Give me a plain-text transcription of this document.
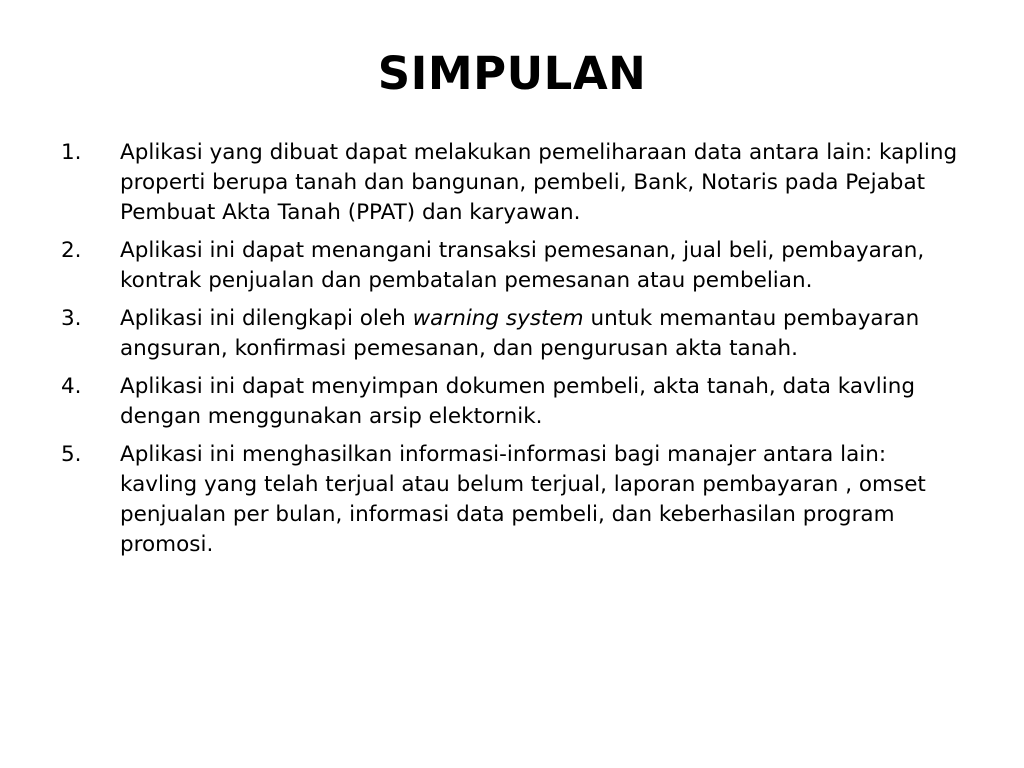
SIMPULAN
1.	Aplikasi yang dibuat dapat melakukan pemeliharaan data antara lain: kapling properti berupa tanah dan bangunan, pembeli, Bank, Notaris pada Pejabat Pembuat Akta Tanah (PPAT) dan karyawan.
2.	Aplikasi ini dapat menangani transaksi pemesanan, jual beli, pembayaran, kontrak penjualan dan pembatalan pemesanan atau pembelian.
3.	Aplikasi ini dilengkapi oleh warning system untuk memantau pembayaran angsuran, konfirmasi pemesanan, dan pengurusan akta tanah.
4.	Aplikasi ini dapat menyimpan dokumen pembeli, akta tanah, data kavling dengan menggunakan arsip elektornik.
5.	Aplikasi ini menghasilkan informasi-informasi bagi manajer antara lain: kavling yang telah terjual atau belum terjual, laporan pembayaran , omset penjualan per bulan, informasi data pembeli, dan keberhasilan program promosi.
